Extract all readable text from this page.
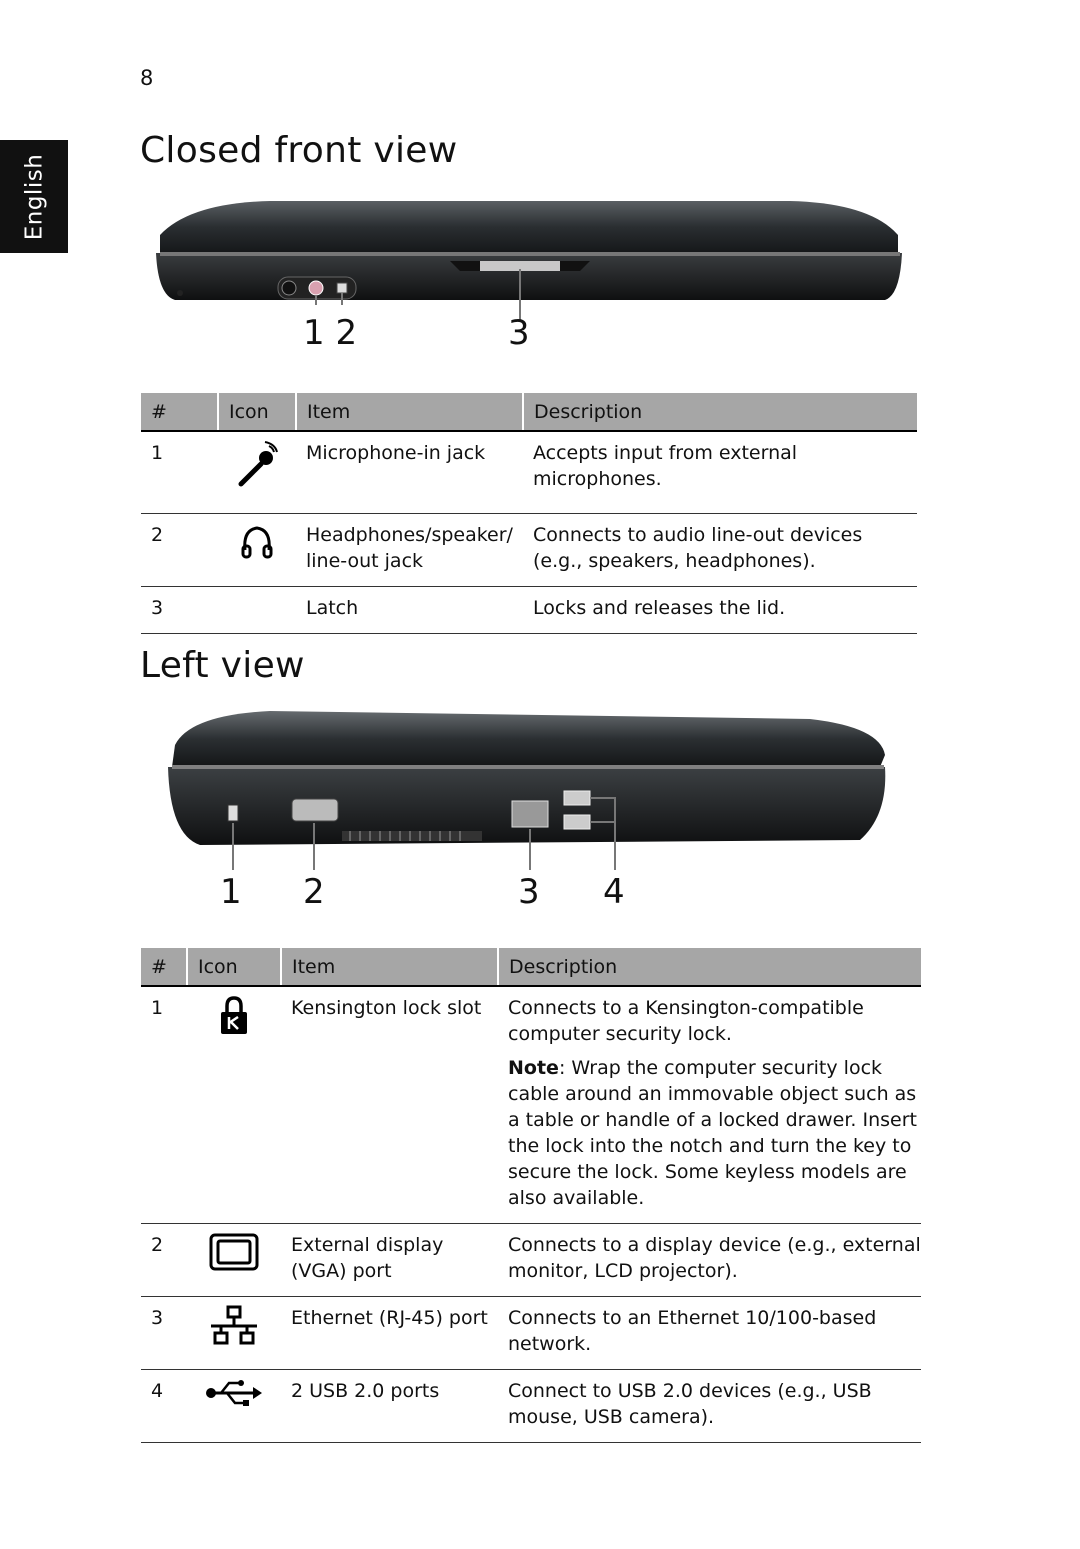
8
English
Closed front view
1 2	3
#	Icon	Item	Description
1		Microphone-in jack	Accepts input from external microphones.
2		Headphones/speaker/ line-out jack	Connects to audio line-out devices (e.g., speakers, headphones).
3		Latch	Locks and releases the lid.
Left view
1 2	3 4
#	Icon	Item	Description
1		Kensington lock slot	Connects to a Kensington-compatible computer security lock.
Note: Wrap the computer security lock cable around an immovable object such as a table or handle of a locked drawer. Insert the lock into the notch and turn the key to secure the lock. Some keyless models are also available.

2		External display (VGA) port	Connects to a display device (e.g., external monitor, LCD projector).
3		Ethernet (RJ-45) port	Connects to an Ethernet 10/100-based network.
4		2 USB 2.0 ports	Connect to USB 2.0 devices (e.g., USB mouse, USB camera).
